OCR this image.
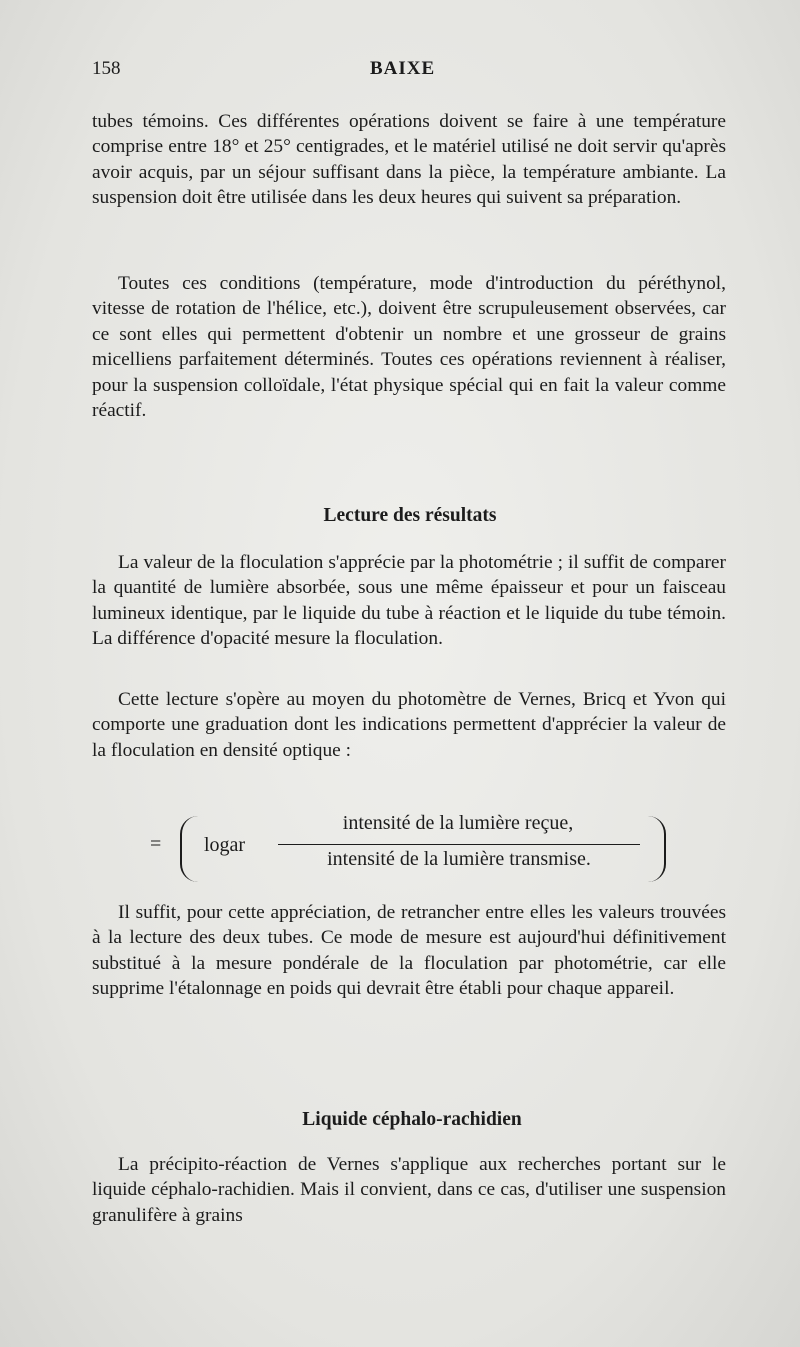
158	BAIXE

tubes témoins. Ces différentes opérations doivent se faire à une température comprise entre 18° et 25° centigrades, et le matériel utilisé ne doit servir qu'après avoir acquis, par un séjour suffisant dans la pièce, la température ambiante. La suspension doit être utilisée dans les deux heures qui suivent sa préparation.

Toutes ces conditions (température, mode d'introduction du péréthynol, vitesse de rotation de l'hélice, etc.), doivent être scrupuleusement observées, car ce sont elles qui permettent d'obtenir un nombre et une grosseur de grains micelliens parfaitement déterminés. Toutes ces opérations reviennent à réaliser, pour la suspension colloïdale, l'état physique spécial qui en fait la valeur comme réactif.

Lecture des résultats

La valeur de la floculation s'apprécie par la photométrie ; il suffit de comparer la quantité de lumière absorbée, sous une même épaisseur et pour un faisceau lumineux identique, par le liquide du tube à réaction et le liquide du tube témoin. La différence d'opacité mesure la floculation.

Cette lecture s'opère au moyen du photomètre de Vernes, Bricq et Yvon qui comporte une graduation dont les indications permettent d'apprécier la valeur de la floculation en densité optique :

= logar
intensité de la lumière reçue,
intensité de la lumière transmise.

Il suffit, pour cette appréciation, de retrancher entre elles les valeurs trouvées à la lecture des deux tubes. Ce mode de mesure est aujourd'hui définitivement substitué à la mesure pondérale de la floculation par photométrie, car elle supprime l'étalonnage en poids qui devrait être établi pour chaque appareil.

Liquide céphalo-rachidien

La précipito-réaction de Vernes s'applique aux recherches portant sur le liquide céphalo-rachidien. Mais il convient, dans ce cas, d'utiliser une suspension granulifère à grains
